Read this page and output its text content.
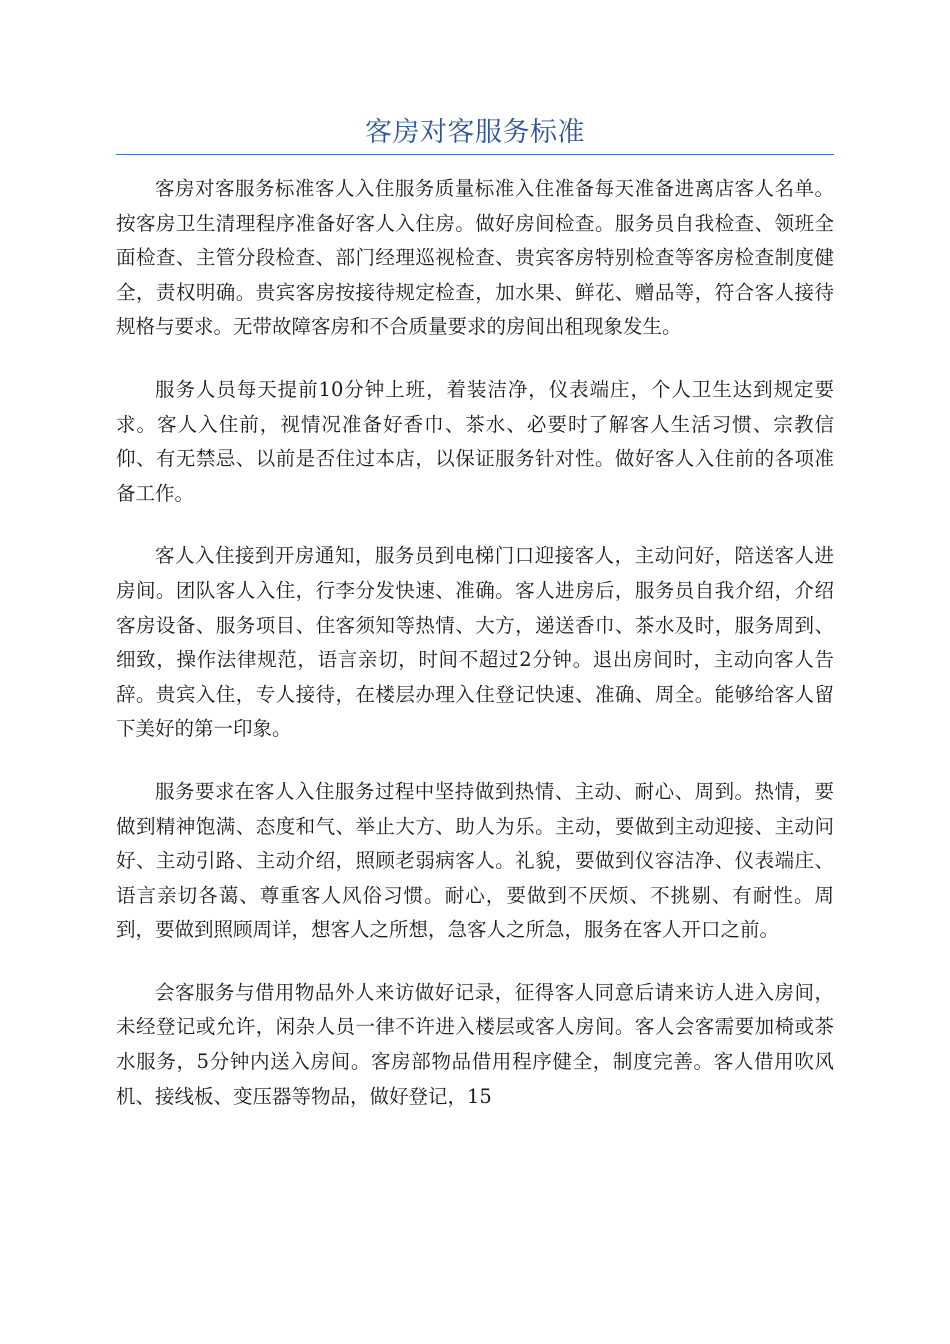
客房对客服务标准

客房对客服务标准客人入住服务质量标准入住准备每天准备进离店客人名单。按客房卫生清理程序准备好客人入住房。做好房间检查。服务员自我检查、领班全面检查、主管分段检查、部门经理巡视检查、贵宾客房特别检查等客房检查制度健全，责权明确。贵宾客房按接待规定检查，加水果、鲜花、赠品等，符合客人接待规格与要求。无带故障客房和不合质量要求的房间出租现象发生。

服务人员每天提前10分钟上班，着装洁净，仪表端庄，个人卫生达到规定要求。客人入住前，视情况准备好香巾、茶水、必要时了解客人生活习惯、宗教信仰、有无禁忌、以前是否住过本店，以保证服务针对性。做好客人入住前的各项准备工作。

客人入住接到开房通知，服务员到电梯门口迎接客人，主动问好，陪送客人进房间。团队客人入住，行李分发快速、准确。客人进房后，服务员自我介绍，介绍客房设备、服务项目、住客须知等热情、大方，递送香巾、茶水及时，服务周到、细致，操作法律规范，语言亲切，时间不超过2分钟。退出房间时，主动向客人告辞。贵宾入住，专人接待，在楼层办理入住登记快速、准确、周全。能够给客人留下美好的第一印象。

服务要求在客人入住服务过程中坚持做到热情、主动、耐心、周到。热情，要做到精神饱满、态度和气、举止大方、助人为乐。主动，要做到主动迎接、主动问好、主动引路、主动介绍，照顾老弱病客人。礼貌，要做到仪容洁净、仪表端庄、语言亲切各蔼、尊重客人风俗习惯。耐心，要做到不厌烦、不挑剔、有耐性。周到，要做到照顾周详，想客人之所想，急客人之所急，服务在客人开口之前。

会客服务与借用物品外人来访做好记录，征得客人同意后请来访人进入房间，未经登记或允许，闲杂人员一律不许进入楼层或客人房间。客人会客需要加椅或茶水服务，5分钟内送入房间。客房部物品借用程序健全，制度完善。客人借用吹风机、接线板、变压器等物品，做好登记，15
